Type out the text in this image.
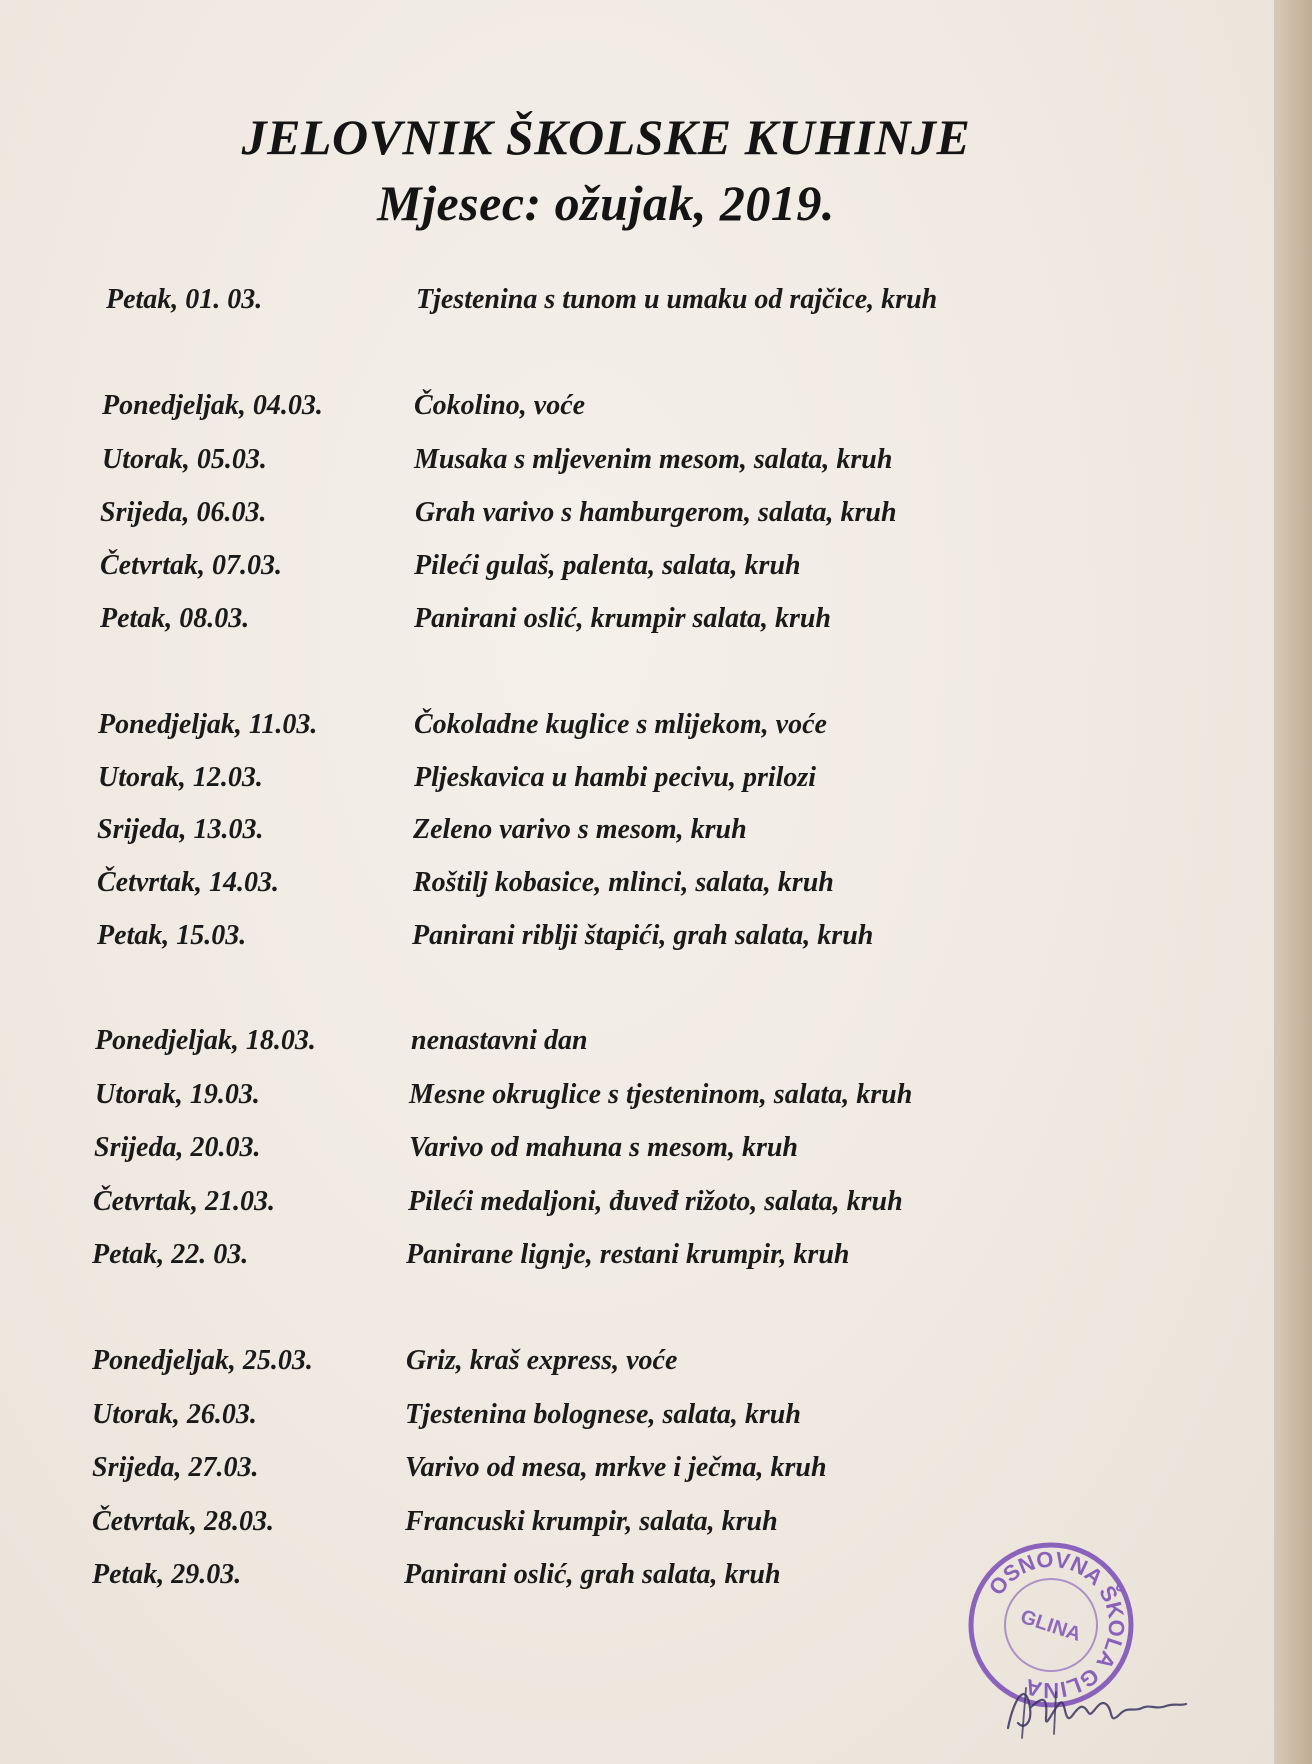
JELOVNIK ŠKOLSKE KUHINJE
Mjesec: ožujak, 2019.
Petak, 01. 03.	Tjestenina s tunom u umaku od rajčice, kruh
Ponedjeljak, 04.03.	Čokolino, voće
Utorak, 05.03.	Musaka s mljevenim mesom, salata, kruh
Srijeda, 06.03.	Grah varivo s hamburgerom, salata, kruh
Četvrtak, 07.03.	Pileći gulaš, palenta, salata, kruh
Petak, 08.03.	Panirani oslić, krumpir salata, kruh
Ponedjeljak, 11.03.	Čokoladne kuglice s mlijekom, voće
Utorak, 12.03.	Pljeskavica u hambi pecivu, prilozi
Srijeda, 13.03.	Zeleno varivo s mesom, kruh
Četvrtak, 14.03.	Roštilj kobasice, mlinci, salata, kruh
Petak, 15.03.	Panirani riblji štapići, grah salata, kruh
Ponedjeljak, 18.03.	nenastavni dan
Utorak, 19.03.	Mesne okruglice s tjesteninom, salata, kruh
Srijeda, 20.03.	Varivo od mahuna s mesom, kruh
Četvrtak, 21.03.	Pileći medaljoni, đuveđ rižoto, salata, kruh
Petak, 22. 03.	Panirane lignje, restani krumpir, kruh
Ponedjeljak, 25.03.	Griz, kraš express, voće
Utorak, 26.03.	Tjestenina bolognese, salata, kruh
Srijeda, 27.03.	Varivo od mesa, mrkve i ječma, kruh
Četvrtak, 28.03.	Francuski krumpir, salata, kruh
Petak, 29.03.	Panirani oslić, grah salata, kruh	OSNOVNA ŠKOLA GLINA
GLINA
